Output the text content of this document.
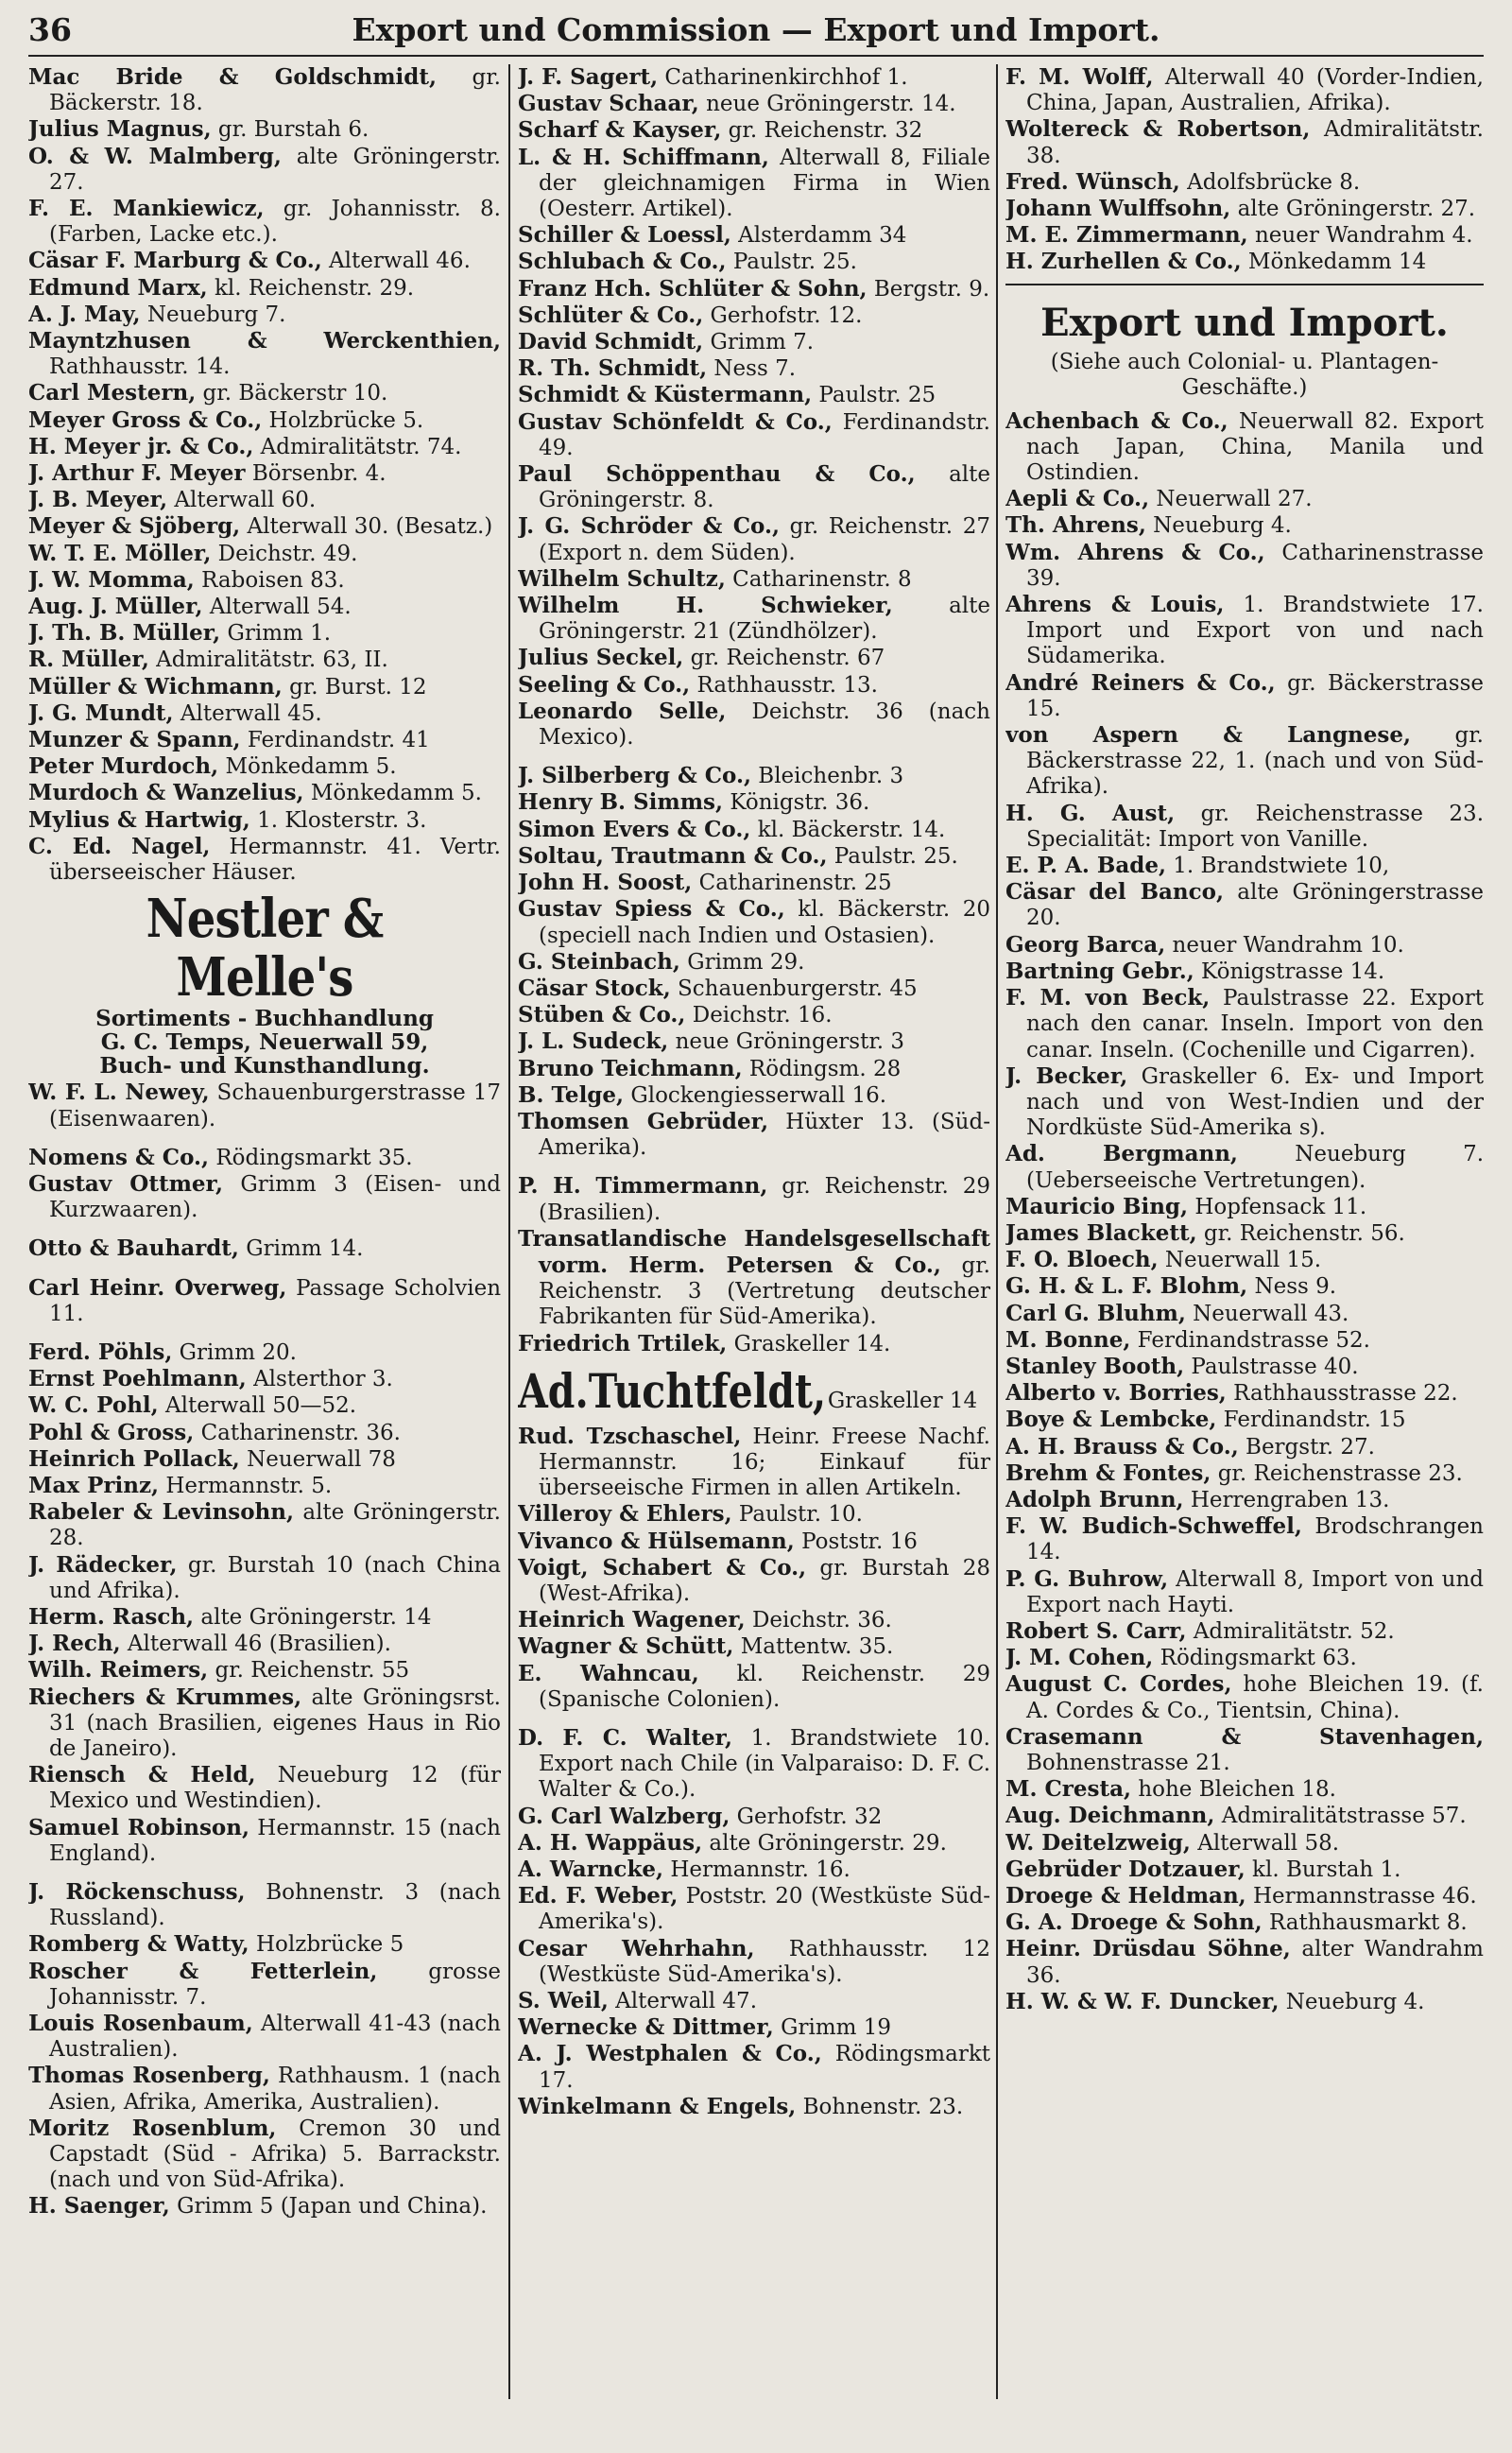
36	Export und Commission — Export und Import.

Mac Bride & Goldschmidt, gr. Bäckerstr. 18.

Julius Magnus, gr. Burstah 6.

O. & W. Malmberg, alte Gröningerstr. 27.

F. E. Mankiewicz, gr. Johannisstr. 8. (Farben, Lacke etc.).

Cäsar F. Marburg & Co., Alterwall 46.

Edmund Marx, kl. Reichenstr. 29.

A. J. May, Neueburg 7.

Mayntzhusen & Werckenthien, Rathhausstr. 14.

Carl Mestern, gr. Bäckerstr 10.

Meyer Gross & Co., Holzbrücke 5.

H. Meyer jr. & Co., Admiralitätstr. 74.

J. Arthur F. Meyer Börsenbr. 4.

J. B. Meyer, Alterwall 60.

Meyer & Sjöberg, Alterwall 30. (Besatz.)

W. T. E. Möller, Deichstr. 49.

J. W. Momma, Raboisen 83.

Aug. J. Müller, Alterwall 54.

J. Th. B. Müller, Grimm 1.

R. Müller, Admiralitätstr. 63, II.

Müller & Wichmann, gr. Burst. 12

J. G. Mundt, Alterwall 45.

Munzer & Spann, Ferdinandstr. 41

Peter Murdoch, Mönkedamm 5.

Murdoch & Wanzelius, Mönkedamm 5.

Mylius & Hartwig, 1. Klosterstr. 3.

C. Ed. Nagel, Hermannstr. 41. Vertr. überseeischer Häuser.

Nestler & Melle's

Sortiments - Buchhandlung

G. C. Temps, Neuerwall 59,

Buch- und Kunsthandlung.

W. F. L. Newey, Schauenburgerstrasse 17 (Eisenwaaren).

Nomens & Co., Rödingsmarkt 35.

Gustav Ottmer, Grimm 3 (Eisen- und Kurzwaaren).

Otto & Bauhardt, Grimm 14.

Carl Heinr. Overweg, Passage Scholvien 11.

Ferd. Pöhls, Grimm 20.

Ernst Poehlmann, Alsterthor 3.

W. C. Pohl, Alterwall 50—52.

Pohl & Gross, Catharinenstr. 36.

Heinrich Pollack, Neuerwall 78

Max Prinz, Hermannstr. 5.

Rabeler & Levinsohn, alte Gröningerstr. 28.

J. Rädecker, gr. Burstah 10 (nach China und Afrika).

Herm. Rasch, alte Gröningerstr. 14

J. Rech, Alterwall 46 (Brasilien).

Wilh. Reimers, gr. Reichenstr. 55

Riechers & Krummes, alte Gröningsrst. 31 (nach Brasilien, eigenes Haus in Rio de Janeiro).

Riensch & Held, Neueburg 12 (für Mexico und Westindien).

Samuel Robinson, Hermannstr. 15 (nach England).

J. Röckenschuss, Bohnenstr. 3 (nach Russland).

Romberg & Watty, Holzbrücke 5

Roscher & Fetterlein, grosse Johannisstr. 7.

Louis Rosenbaum, Alterwall 41-43 (nach Australien).

Thomas Rosenberg, Rathhausm. 1 (nach Asien, Afrika, Amerika, Australien).

Moritz Rosenblum, Cremon 30 und Capstadt (Süd - Afrika) 5. Barrackstr. (nach und von Süd-Afrika).

H. Saenger, Grimm 5 (Japan und China).

J. F. Sagert, Catharinenkirchhof 1.

Gustav Schaar, neue Gröningerstr. 14.

Scharf & Kayser, gr. Reichenstr. 32

L. & H. Schiffmann, Alterwall 8, Filiale der gleichnamigen Firma in Wien (Oesterr. Artikel).

Schiller & Loessl, Alsterdamm 34

Schlubach & Co., Paulstr. 25.

Franz Hch. Schlüter & Sohn, Bergstr. 9.

Schlüter & Co., Gerhofstr. 12.

David Schmidt, Grimm 7.

R. Th. Schmidt, Ness 7.

Schmidt & Küstermann, Paulstr. 25

Gustav Schönfeldt & Co., Ferdinandstr. 49.

Paul Schöppenthau & Co., alte Gröningerstr. 8.

J. G. Schröder & Co., gr. Reichenstr. 27 (Export n. dem Süden).

Wilhelm Schultz, Catharinenstr. 8

Wilhelm H. Schwieker, alte Gröningerstr. 21 (Zündhölzer).

Julius Seckel, gr. Reichenstr. 67

Seeling & Co., Rathhausstr. 13.

Leonardo Selle, Deichstr. 36 (nach Mexico).

J. Silberberg & Co., Bleichenbr. 3

Henry B. Simms, Königstr. 36.

Simon Evers & Co., kl. Bäckerstr. 14.

Soltau, Trautmann & Co., Paulstr. 25.

John H. Soost, Catharinenstr. 25

Gustav Spiess & Co., kl. Bäckerstr. 20 (speciell nach Indien und Ostasien).

G. Steinbach, Grimm 29.

Cäsar Stock, Schauenburgerstr. 45

Stüben & Co., Deichstr. 16.

J. L. Sudeck, neue Gröningerstr. 3

Bruno Teichmann, Rödingsm. 28

B. Telge, Glockengiesserwall 16.

Thomsen Gebrüder, Hüxter 13. (Süd-Amerika).

P. H. Timmermann, gr. Reichenstr. 29 (Brasilien).

Transatlandische Handelsgesellschaft vorm. Herm. Petersen & Co., gr. Reichenstr. 3 (Vertretung deutscher Fabrikanten für Süd-Amerika).

Friedrich Trtilek, Graskeller 14.

Ad.Tuchtfeldt,Graskeller 14

Rud. Tzschaschel, Heinr. Freese Nachf. Hermannstr. 16; Einkauf für überseeische Firmen in allen Artikeln.

Villeroy & Ehlers, Paulstr. 10.

Vivanco & Hülsemann, Poststr. 16

Voigt, Schabert & Co., gr. Burstah 28 (West-Afrika).

Heinrich Wagener, Deichstr. 36.

Wagner & Schütt, Mattentw. 35.

E. Wahncau, kl. Reichenstr. 29 (Spanische Colonien).

D. F. C. Walter, 1. Brandstwiete 10. Export nach Chile (in Valparaiso: D. F. C. Walter & Co.).

G. Carl Walzberg, Gerhofstr. 32

A. H. Wappäus, alte Gröningerstr. 29.

A. Warncke, Hermannstr. 16.

Ed. F. Weber, Poststr. 20 (Westküste Süd-Amerika's).

Cesar Wehrhahn, Rathhausstr. 12 (Westküste Süd-Amerika's).

S. Weil, Alterwall 47.

Wernecke & Dittmer, Grimm 19

A. J. Westphalen & Co., Rödingsmarkt 17.

Winkelmann & Engels, Bohnenstr. 23.

F. M. Wolff, Alterwall 40 (Vorder-Indien, China, Japan, Australien, Afrika).

Woltereck & Robertson, Admiralitätstr. 38.

Fred. Wünsch, Adolfsbrücke 8.

Johann Wulffsohn, alte Gröningerstr. 27.

M. E. Zimmermann, neuer Wandrahm 4.

H. Zurhellen & Co., Mönkedamm 14

Export und Import.
(Siehe auch Colonial- u. Plantagen-Geschäfte.)

Achenbach & Co., Neuerwall 82. Export nach Japan, China, Manila und Ostindien.

Aepli & Co., Neuerwall 27.

Th. Ahrens, Neueburg 4.

Wm. Ahrens & Co., Catharinenstrasse 39.

Ahrens & Louis, 1. Brandstwiete 17. Import und Export von und nach Südamerika.

André Reiners & Co., gr. Bäckerstrasse 15.

von Aspern & Langnese, gr. Bäckerstrasse 22, 1. (nach und von Süd-Afrika).

H. G. Aust, gr. Reichenstrasse 23. Specialität: Import von Vanille.

E. P. A. Bade, 1. Brandstwiete 10,

Cäsar del Banco, alte Gröningerstrasse 20.

Georg Barca, neuer Wandrahm 10.

Bartning Gebr., Königstrasse 14.

F. M. von Beck, Paulstrasse 22. Export nach den canar. Inseln. Import von den canar. Inseln. (Cochenille und Cigarren).

J. Becker, Graskeller 6. Ex- und Import nach und von West-Indien und der Nordküste Süd-Amerika s).

Ad. Bergmann, Neueburg 7. (Ueberseeische Vertretungen).

Mauricio Bing, Hopfensack 11.

James Blackett, gr. Reichenstr. 56.

F. O. Bloech, Neuerwall 15.

G. H. & L. F. Blohm, Ness 9.

Carl G. Bluhm, Neuerwall 43.

M. Bonne, Ferdinandstrasse 52.

Stanley Booth, Paulstrasse 40.

Alberto v. Borries, Rathhausstrasse 22.

Boye & Lembcke, Ferdinandstr. 15

A. H. Brauss & Co., Bergstr. 27.

Brehm & Fontes, gr. Reichenstrasse 23.

Adolph Brunn, Herrengraben 13.

F. W. Budich-Schweffel, Brodschrangen 14.

P. G. Buhrow, Alterwall 8, Import von und Export nach Hayti.

Robert S. Carr, Admiralitätstr. 52.

J. M. Cohen, Rödingsmarkt 63.

August C. Cordes, hohe Bleichen 19. (f. A. Cordes & Co., Tientsin, China).

Crasemann & Stavenhagen, Bohnenstrasse 21.

M. Cresta, hohe Bleichen 18.

Aug. Deichmann, Admiralitätstrasse 57.

W. Deitelzweig, Alterwall 58.

Gebrüder Dotzauer, kl. Burstah 1.

Droege & Heldman, Hermannstrasse 46.

G. A. Droege & Sohn, Rathhausmarkt 8.

Heinr. Drüsdau Söhne, alter Wandrahm 36.

H. W. & W. F. Duncker, Neueburg 4.
